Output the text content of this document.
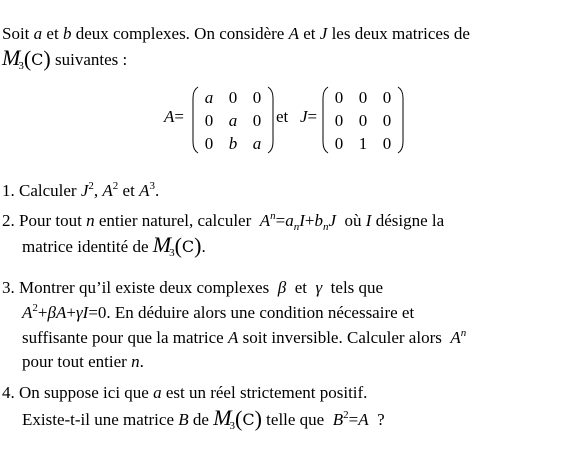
Soit a et b deux complexes. On considère A et J les deux matrices de
$M_3(C)$ suivantes :
A=
a 0 0
0 a 0
0 b a
et J=
0 0 0
0 0 0
0 1 0
1. Calculer $J^2$, $A^2$ et $A^3$.
2. Pour tout n entier naturel, calculer  $A^n=a_nI+b_nJ$  où I désigne la
matrice identité de $M_3(C)$.
3. Montrer qu’il existe deux complexes  β  et  γ  tels que
$A^2+\beta A+\gamma I=0$. En déduire alors une condition nécessaire et
suffisante pour que la matrice A soit inversible. Calculer alors  $A^n$
pour tout entier n.
4. On suppose ici que a est un réel strictement positif.
Existe-t-il une matrice B de $M_3(C)$ telle que  $B^2=A$  ?
